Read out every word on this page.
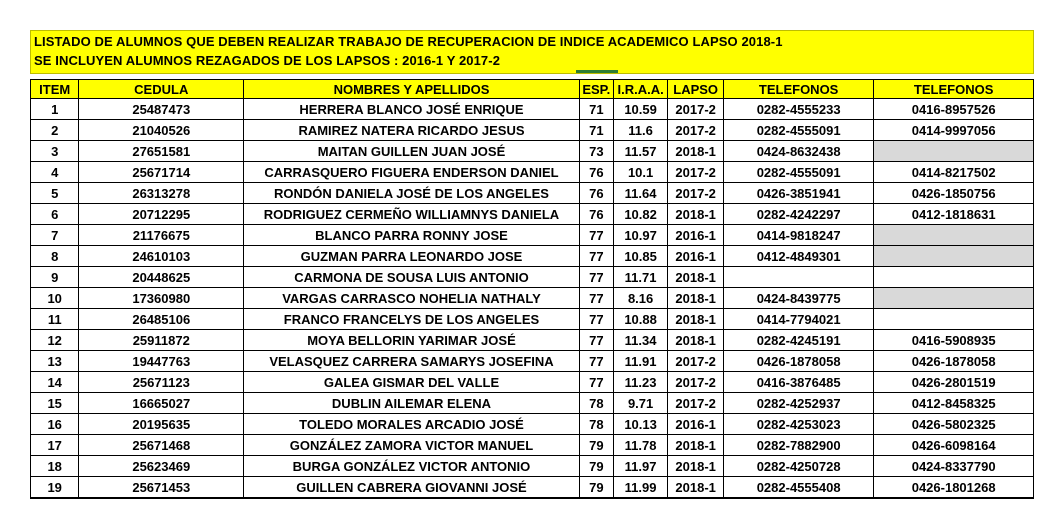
LISTADO DE ALUMNOS QUE DEBEN REALIZAR TRABAJO DE RECUPERACION DE INDICE ACADEMICO LAPSO 2018-1
SE INCLUYEN ALUMNOS REZAGADOS DE LOS LAPSOS : 2016-1 Y 2017-2
ITEM	CEDULA	NOMBRES Y APELLIDOS	ESP.	I.R.A.A.	LAPSO	TELEFONOS	TELEFONOS
1	25487473	HERRERA BLANCO JOSÉ ENRIQUE	71	10.59	2017-2	0282-4555233	0416-8957526
2	21040526	RAMIREZ NATERA RICARDO JESUS	71	11.6	2017-2	0282-4555091	0414-9997056
3	27651581	MAITAN GUILLEN JUAN JOSÉ	73	11.57	2018-1	0424-8632438	
4	25671714	CARRASQUERO FIGUERA ENDERSON DANIEL	76	10.1	2017-2	0282-4555091	0414-8217502
5	26313278	RONDÓN DANIELA JOSÉ DE LOS ANGELES	76	11.64	2017-2	0426-3851941	0426-1850756
6	20712295	RODRIGUEZ CERMEÑO WILLIAMNYS DANIELA	76	10.82	2018-1	0282-4242297	0412-1818631
7	21176675	BLANCO PARRA RONNY JOSE	77	10.97	2016-1	0414-9818247	
8	24610103	GUZMAN PARRA LEONARDO JOSE	77	10.85	2016-1	0412-4849301	
9	20448625	CARMONA DE SOUSA LUIS ANTONIO	77	11.71	2018-1		
10	17360980	VARGAS CARRASCO NOHELIA NATHALY	77	8.16	2018-1	0424-8439775	
11	26485106	FRANCO FRANCELYS DE LOS ANGELES	77	10.88	2018-1	0414-7794021	
12	25911872	MOYA BELLORIN YARIMAR JOSÉ	77	11.34	2018-1	0282-4245191	0416-5908935
13	19447763	VELASQUEZ CARRERA SAMARYS JOSEFINA	77	11.91	2017-2	0426-1878058	0426-1878058
14	25671123	GALEA GISMAR DEL VALLE	77	11.23	2017-2	0416-3876485	0426-2801519
15	16665027	DUBLIN AILEMAR ELENA	78	9.71	2017-2	0282-4252937	0412-8458325
16	20195635	TOLEDO MORALES ARCADIO JOSÉ	78	10.13	2016-1	0282-4253023	0426-5802325
17	25671468	GONZÁLEZ ZAMORA VICTOR MANUEL	79	11.78	2018-1	0282-7882900	0426-6098164
18	25623469	BURGA GONZÁLEZ VICTOR ANTONIO	79	11.97	2018-1	0282-4250728	0424-8337790
19	25671453	GUILLEN CABRERA GIOVANNI JOSÉ	79	11.99	2018-1	0282-4555408	0426-1801268
